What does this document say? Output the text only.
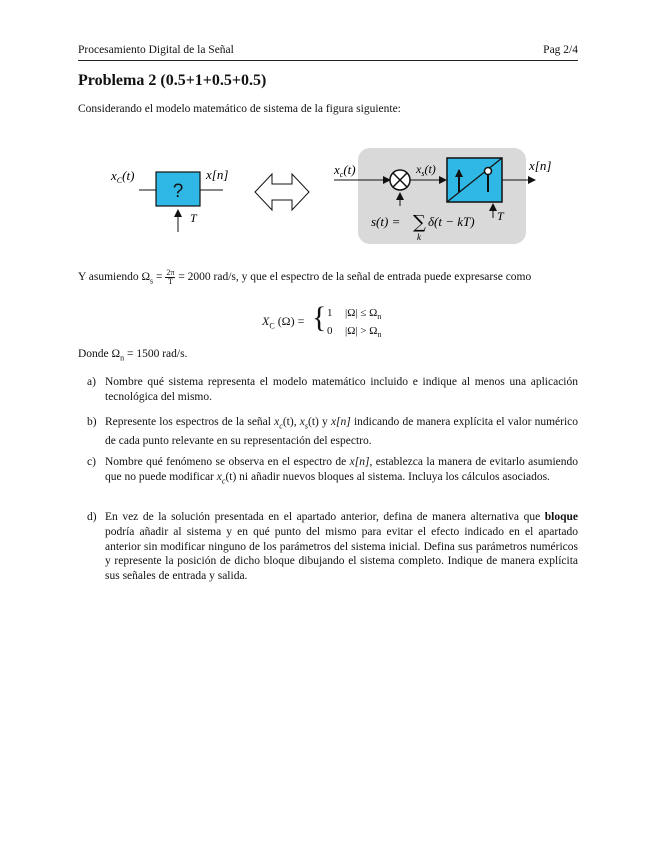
Procesamiento Digital de la Señal	Pag 2/4
Problema 2 (0.5+1+0.5+0.5)
Considerando el modelo matemático de sistema de la figura siguiente:
$x_C(t)$
?
x[n]
T
$x_c(t)$	$x_s(t)$	x[n]
T
s(t) = ∑
k
δ(t − kT)
Y asumiendo $\Omega_s = \frac{2\pi}{T} = 2000$ rad/s, y que el espectro de la señal de entrada puede expresarse como
$X_C$ (Ω) = { 1 $|\Omega| \le \Omega_n$
0 $|\Omega| > \Omega_n$
Donde $\Omega_n = 1500$ rad/s.
a) Nombre qué sistema representa el modelo matemático incluido e indique al menos una aplicación tecnológica del mismo.
b) Represente los espectros de la señal $x_c(t)$, $x_s(t)$ y x[n] indicando de manera explícita el valor numérico de cada punto relevante en su representación del espectro.
c) Nombre qué fenómeno se observa en el espectro de x[n], establezca la manera de evitarlo asumiendo que no puede modificar $x_c(t)$ ni añadir nuevos bloques al sistema. Incluya los cálculos asociados.
d) En vez de la solución presentada en el apartado anterior, defina de manera alternativa que bloque podría añadir al sistema y en qué punto del mismo para evitar el efecto indicado en el apartado anterior sin modificar ninguno de los parámetros del sistema inicial. Defina sus parámetros numéricos y represente la posición de dicho bloque dibujando el sistema completo. Indique de manera explícita sus señales de entrada y salida.
